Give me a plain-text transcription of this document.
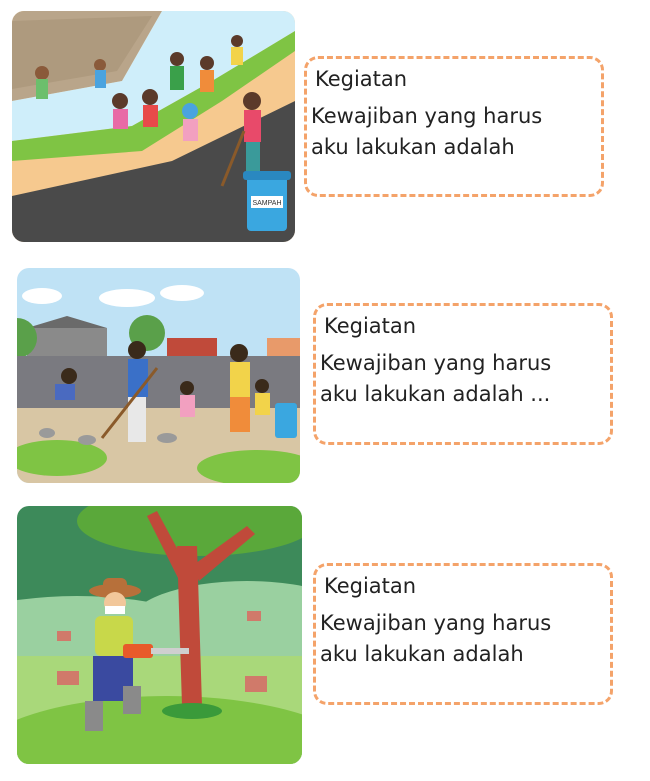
SAMPAH
Kegiatan
Kewajiban yang harus
aku lakukan adalah
Kegiatan
Kewajiban yang harus
aku lakukan adalah ...
Kegiatan
Kewajiban yang harus
aku lakukan adalah
